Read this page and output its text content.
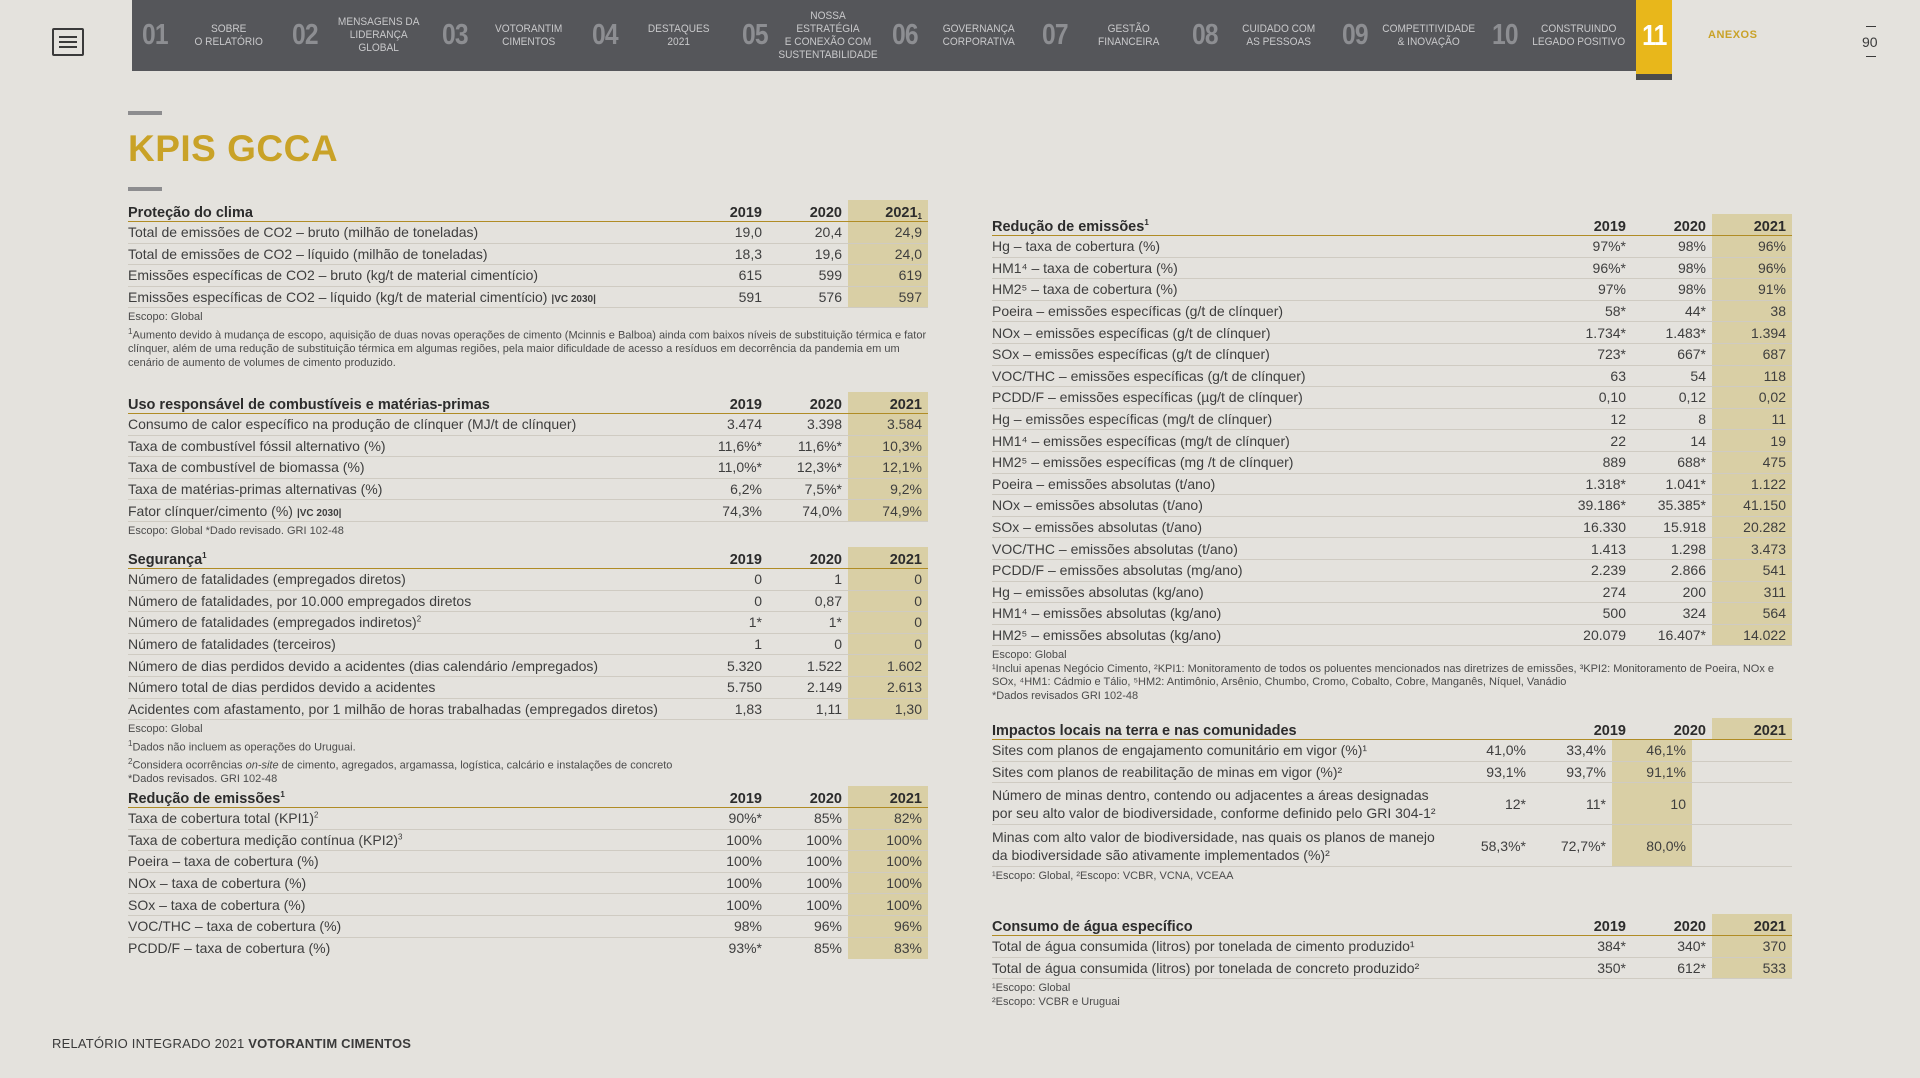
01	SOBRE
O RELATÓRIO	02	MENSAGENS DA
LIDERANÇA GLOBAL	03	VOTORANTIM
CIMENTOS	04	DESTAQUES
2021	05
NOSSA ESTRATÉGIA
E CONEXÃO COM
SUSTENTABILIDADE
06	GOVERNANÇA
CORPORATIVA 07	GESTÃO
FINANCEIRA	08	CUIDADO COM
AS PESSOAS	09 COMPETITIVIDADE
& INOVAÇÃO	10	CONSTRUINDO
LEGADO POSITIVO 11	ANEXOS	90
KPIS GCCA
Proteção do clima	2019	2020	$2021_1$
Total de emissões de CO2 – bruto (milhão de toneladas)	19,0	20,4	24,9
Total de emissões de CO2 – líquido (milhão de toneladas)	18,3	19,6	24,0
Emissões específicas de CO2 – bruto (kg/t de material cimentício)	615	599	619
Emissões específicas de CO2 – líquido (kg/t de material cimentício) |VC 2030|	591	576	597
Escopo: Global
$^1$Aumento devido à mudança de escopo, aquisição de duas novas operações de cimento (Mcinnis e Balboa) ainda com baixos níveis de substituição térmica e fator clínquer, além de uma redução de substituição térmica em algumas regiões, pela maior dificuldade de acesso a resíduos em decorrência da pandemia em um cenário de aumento de volumes de cimento produzido.
Uso responsável de combustíveis e matérias-primas	2019	2020	2021
Consumo de calor específico na produção de clínquer (MJ/t de clínquer)	3.474	3.398	3.584
Taxa de combustível fóssil alternativo (%)	11,6%*	11,6%*	10,3%
Taxa de combustível de biomassa (%)	11,0%*	12,3%*	12,1%
Taxa de matérias-primas alternativas (%)	6,2%	7,5%*	9,2%
Fator clínquer/cimento (%) |VC 2030|	74,3%	74,0%	74,9%
Escopo: Global *Dado revisado. GRI 102-48
Segurança$^1$	2019	2020	2021
Número de fatalidades (empregados diretos)	0	1	0
Número de fatalidades, por 10.000 empregados diretos	0	0,87	0
Número de fatalidades (empregados indiretos)$^2$	1*	1*	0
Número de fatalidades (terceiros)	1	0	0
Número de dias perdidos devido a acidentes (dias calendário /empregados)	5.320	1.522	1.602
Número total de dias perdidos devido a acidentes	5.750	2.149	2.613
Acidentes com afastamento, por 1 milhão de horas trabalhadas (empregados diretos)	1,83	1,11	1,30
Escopo: Global
$^1$Dados não incluem as operações do Uruguai.
$^2$Considera ocorrências on-site de cimento, agregados, argamassa, logística, calcário e instalações de concreto
*Dados revisados. GRI 102-48
Redução de emissões$^1$	2019	2020	2021
Taxa de cobertura total $(KPI1)^2$	90%*	85%	82%
Taxa de cobertura medição contínua $(KPI2)^3$	100%	100%	100%
Poeira – taxa de cobertura (%)	100%	100%	100%
NOx – taxa de cobertura (%)	100%	100%	100%
SOx – taxa de cobertura (%)	100%	100%	100%
VOC/THC – taxa de cobertura (%)	98%	96%	96%
PCDD/F – taxa de cobertura (%)	93%*	85%	83%
Redução de emissões$^1$	2019	2020	2021
Hg – taxa de cobertura (%)	97%*	98%	96%
HM1⁴ – taxa de cobertura (%)	96%*	98%	96%
HM2⁵ – taxa de cobertura (%)	97%	98%	91%
Poeira – emissões específicas (g/t de clínquer)	58*	44*	38
NOx – emissões específicas (g/t de clínquer)	1.734*	1.483*	1.394
SOx – emissões específicas (g/t de clínquer)	723*	667*	687
VOC/THC – emissões específicas (g/t de clínquer)	63	54	118
PCDD/F – emissões específicas (µg/t de clínquer)	0,10	0,12	0,02
Hg – emissões específicas (mg/t de clínquer)	12	8	11
HM1⁴ – emissões específicas (mg/t de clínquer)	22	14	19
HM2⁵ – emissões específicas (mg /t de clínquer)	889	688*	475
Poeira – emissões absolutas (t/ano)	1.318*	1.041*	1.122
NOx – emissões absolutas (t/ano)	39.186*	35.385*	41.150
SOx – emissões absolutas (t/ano)	16.330	15.918	20.282
VOC/THC – emissões absolutas (t/ano)	1.413	1.298	3.473
PCDD/F – emissões absolutas (mg/ano)	2.239	2.866	541
Hg – emissões absolutas (kg/ano)	274	200	311
HM1⁴ – emissões absolutas (kg/ano)	500	324	564
HM2⁵ – emissões absolutas (kg/ano)	20.079	16.407*	14.022
Escopo: Global
¹Inclui apenas Negócio Cimento, ²KPI1: Monitoramento de todos os poluentes mencionados nas diretrizes de emissões, ³KPI2: Monitoramento de Poeira, NOx e SOx, ⁴HM1: Cádmio e Tálio, ⁵HM2: Antimônio, Arsênio, Chumbo, Cromo, Cobalto, Cobre, Manganês, Níquel, Vanádio
*Dados revisados GRI 102-48
Impactos locais na terra e nas comunidades	2019	2020	2021
Sites com planos de engajamento comunitário em vigor (%)¹	41,0%	33,4%	46,1%
Sites com planos de reabilitação de minas em vigor (%)²	93,1%	93,7%	91,1%
Número de minas dentro, contendo ou adjacentes a áreas designadas por seu alto valor de biodiversidade, conforme definido pelo GRI 304-1²
12*	11*	10
Minas com alto valor de biodiversidade, nas quais os planos de manejo da biodiversidade são ativamente implementados (%)²
58,3%*	72,7%*	80,0%
¹Escopo: Global, ²Escopo: VCBR, VCNA, VCEAA
Consumo de água específico	2019	2020	2021
Total de água consumida (litros) por tonelada de cimento produzido¹	384*	340*	370
Total de água consumida (litros) por tonelada de concreto produzido²	350*	612*	533
¹Escopo: Global
²Escopo: VCBR e Uruguai
RELATÓRIO INTEGRADO 2021 VOTORANTIM CIMENTOS
